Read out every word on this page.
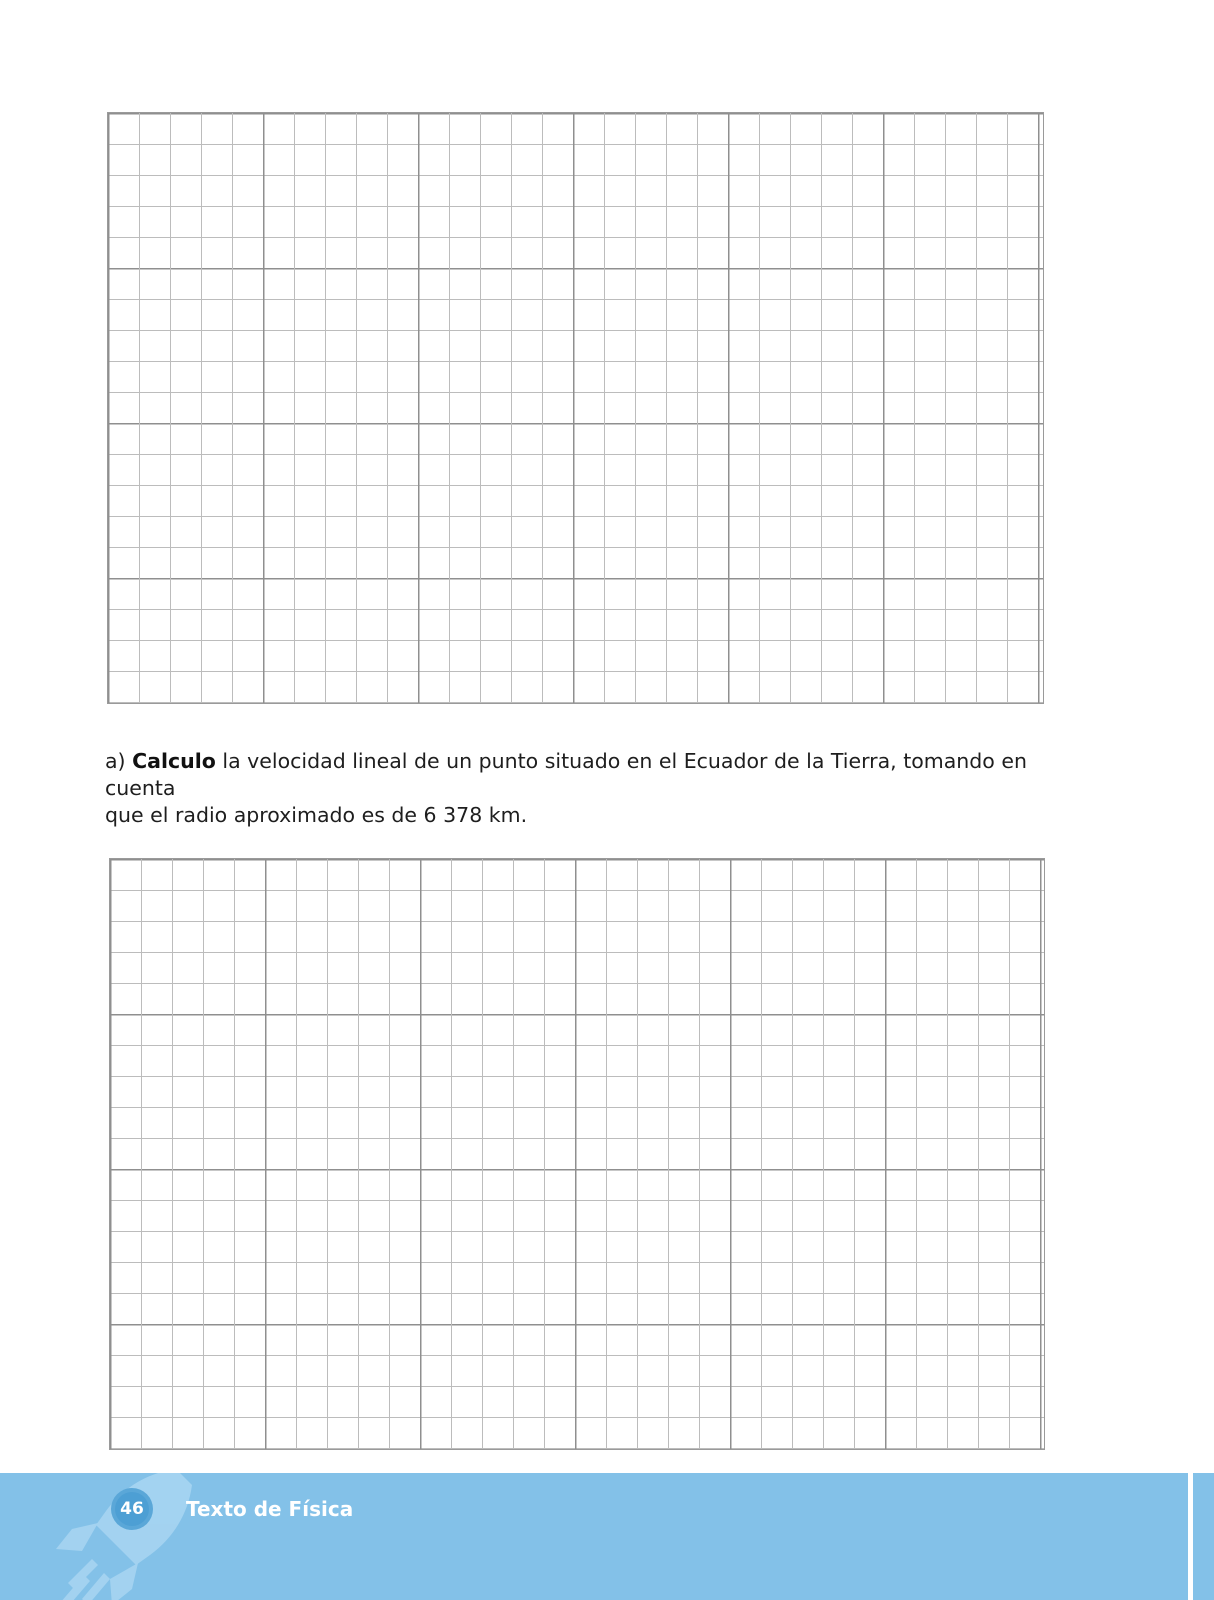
a) Calculo la velocidad lineal de un punto situado en el Ecuador de la Tierra, tomando en cuenta
que el radio aproximado es de 6 378 km.

46	Texto de Física
